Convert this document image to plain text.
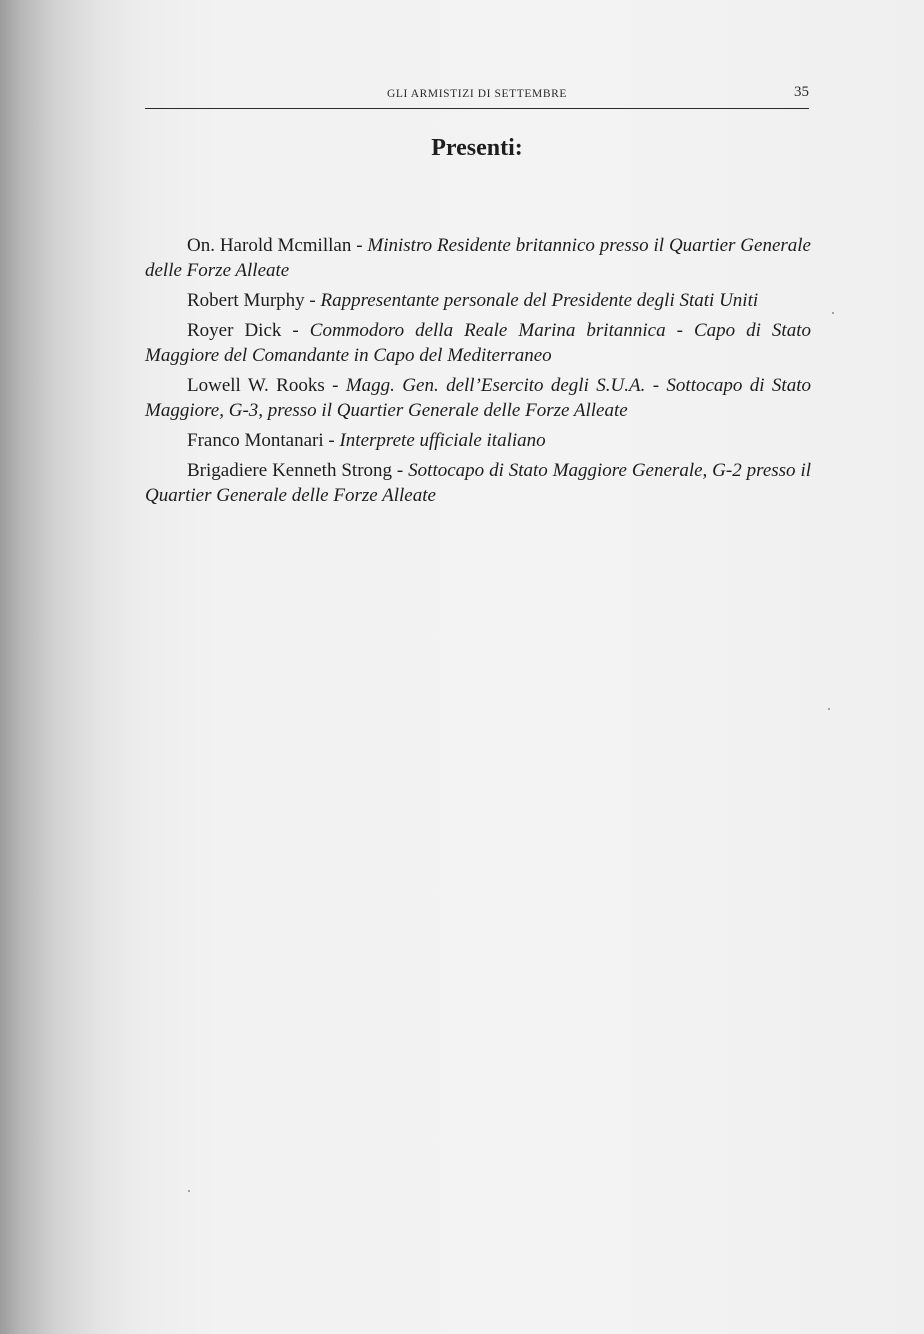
GLI ARMISTIZI DI SETTEMBRE	35
Presenti:
On. Harold Mcmillan - Ministro Residente britannico presso il Quartier Generale delle Forze Alleate
Robert Murphy - Rappresentante personale del Presidente degli Stati Uniti
Royer Dick - Commodoro della Reale Marina britannica - Capo di Stato Maggiore del Comandante in Capo del Mediterraneo
Lowell W. Rooks - Magg. Gen. dell’Esercito degli S.U.A. - Sottocapo di Stato Maggiore, G-3, presso il Quartier Generale delle Forze Alleate
Franco Montanari - Interprete ufficiale italiano
Brigadiere Kenneth Strong - Sottocapo di Stato Maggiore Generale, G-2 presso il Quartier Generale delle Forze Alleate
